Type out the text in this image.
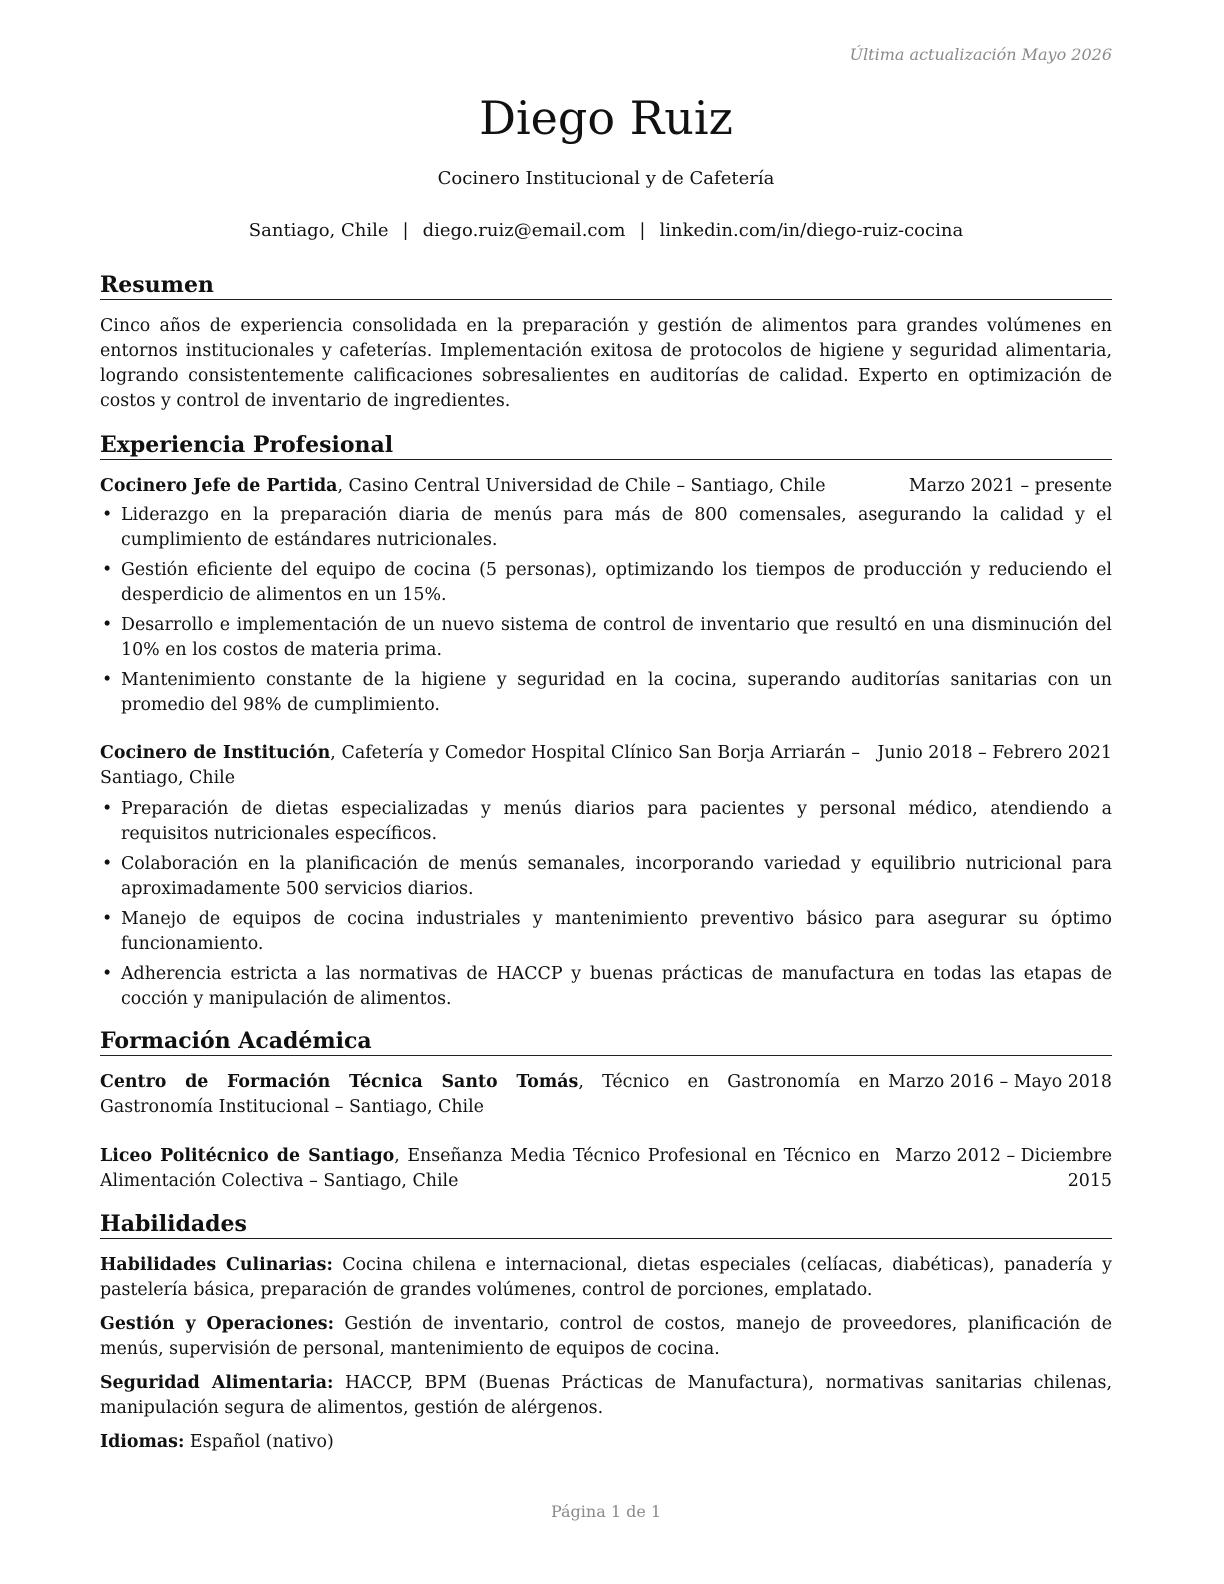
Última actualización Mayo 2026
Diego Ruiz
Cocinero Institucional y de Cafetería
Santiago, Chile | diego.ruiz@email.com | linkedin.com/in/diego-ruiz-cocina
Resumen
Cinco años de experiencia consolidada en la preparación y gestión de alimentos para grandes volúmenes en entornos institucionales y cafeterías. Implementación exitosa de protocolos de higiene y seguridad alimentaria, logrando consistentemente calificaciones sobresalientes en auditorías de calidad. Experto en optimización de costos y control de inventario de ingredientes.
Experiencia Profesional
Cocinero Jefe de Partida, Casino Central Universidad de Chile – Santiago, Chile	Marzo 2021 – presente
• Liderazgo en la preparación diaria de menús para más de 800 comensales, asegurando la calidad y el cumplimiento de estándares nutricionales.
• Gestión eficiente del equipo de cocina (5 personas), optimizando los tiempos de producción y reduciendo el desperdicio de alimentos en un 15%.
• Desarrollo e implementación de un nuevo sistema de control de inventario que resultó en una disminución del 10% en los costos de materia prima.
• Mantenimiento constante de la higiene y seguridad en la cocina, superando auditorías sanitarias con un promedio del 98% de cumplimiento.
Cocinero de Institución, Cafetería y Comedor Hospital Clínico San Borja Arriarán – Santiago, Chile
Junio 2018 – Febrero 2021
• Preparación de dietas especializadas y menús diarios para pacientes y personal médico, atendiendo a requisitos nutricionales específicos.
• Colaboración en la planificación de menús semanales, incorporando variedad y equilibrio nutricional para aproximadamente 500 servicios diarios.
• Manejo de equipos de cocina industriales y mantenimiento preventivo básico para asegurar su óptimo funcionamiento.
• Adherencia estricta a las normativas de HACCP y buenas prácticas de manufactura en todas las etapas de cocción y manipulación de alimentos.
Formación Académica
Centro de Formación Técnica Santo Tomás, Técnico en Gastronomía en Gastronomía Institucional – Santiago, Chile
Marzo 2016 – Mayo 2018
Liceo Politécnico de Santiago, Enseñanza Media Técnico Profesional en Técnico en Alimentación Colectiva – Santiago, Chile
Marzo 2012 – Diciembre 2015
Habilidades
Habilidades Culinarias: Cocina chilena e internacional, dietas especiales (celíacas, diabéticas), panadería y pastelería básica, preparación de grandes volúmenes, control de porciones, emplatado.
Gestión y Operaciones: Gestión de inventario, control de costos, manejo de proveedores, planificación de menús, supervisión de personal, mantenimiento de equipos de cocina.
Seguridad Alimentaria: HACCP, BPM (Buenas Prácticas de Manufactura), normativas sanitarias chilenas, manipulación segura de alimentos, gestión de alérgenos.
Idiomas: Español (nativo)
Página 1 de 1
